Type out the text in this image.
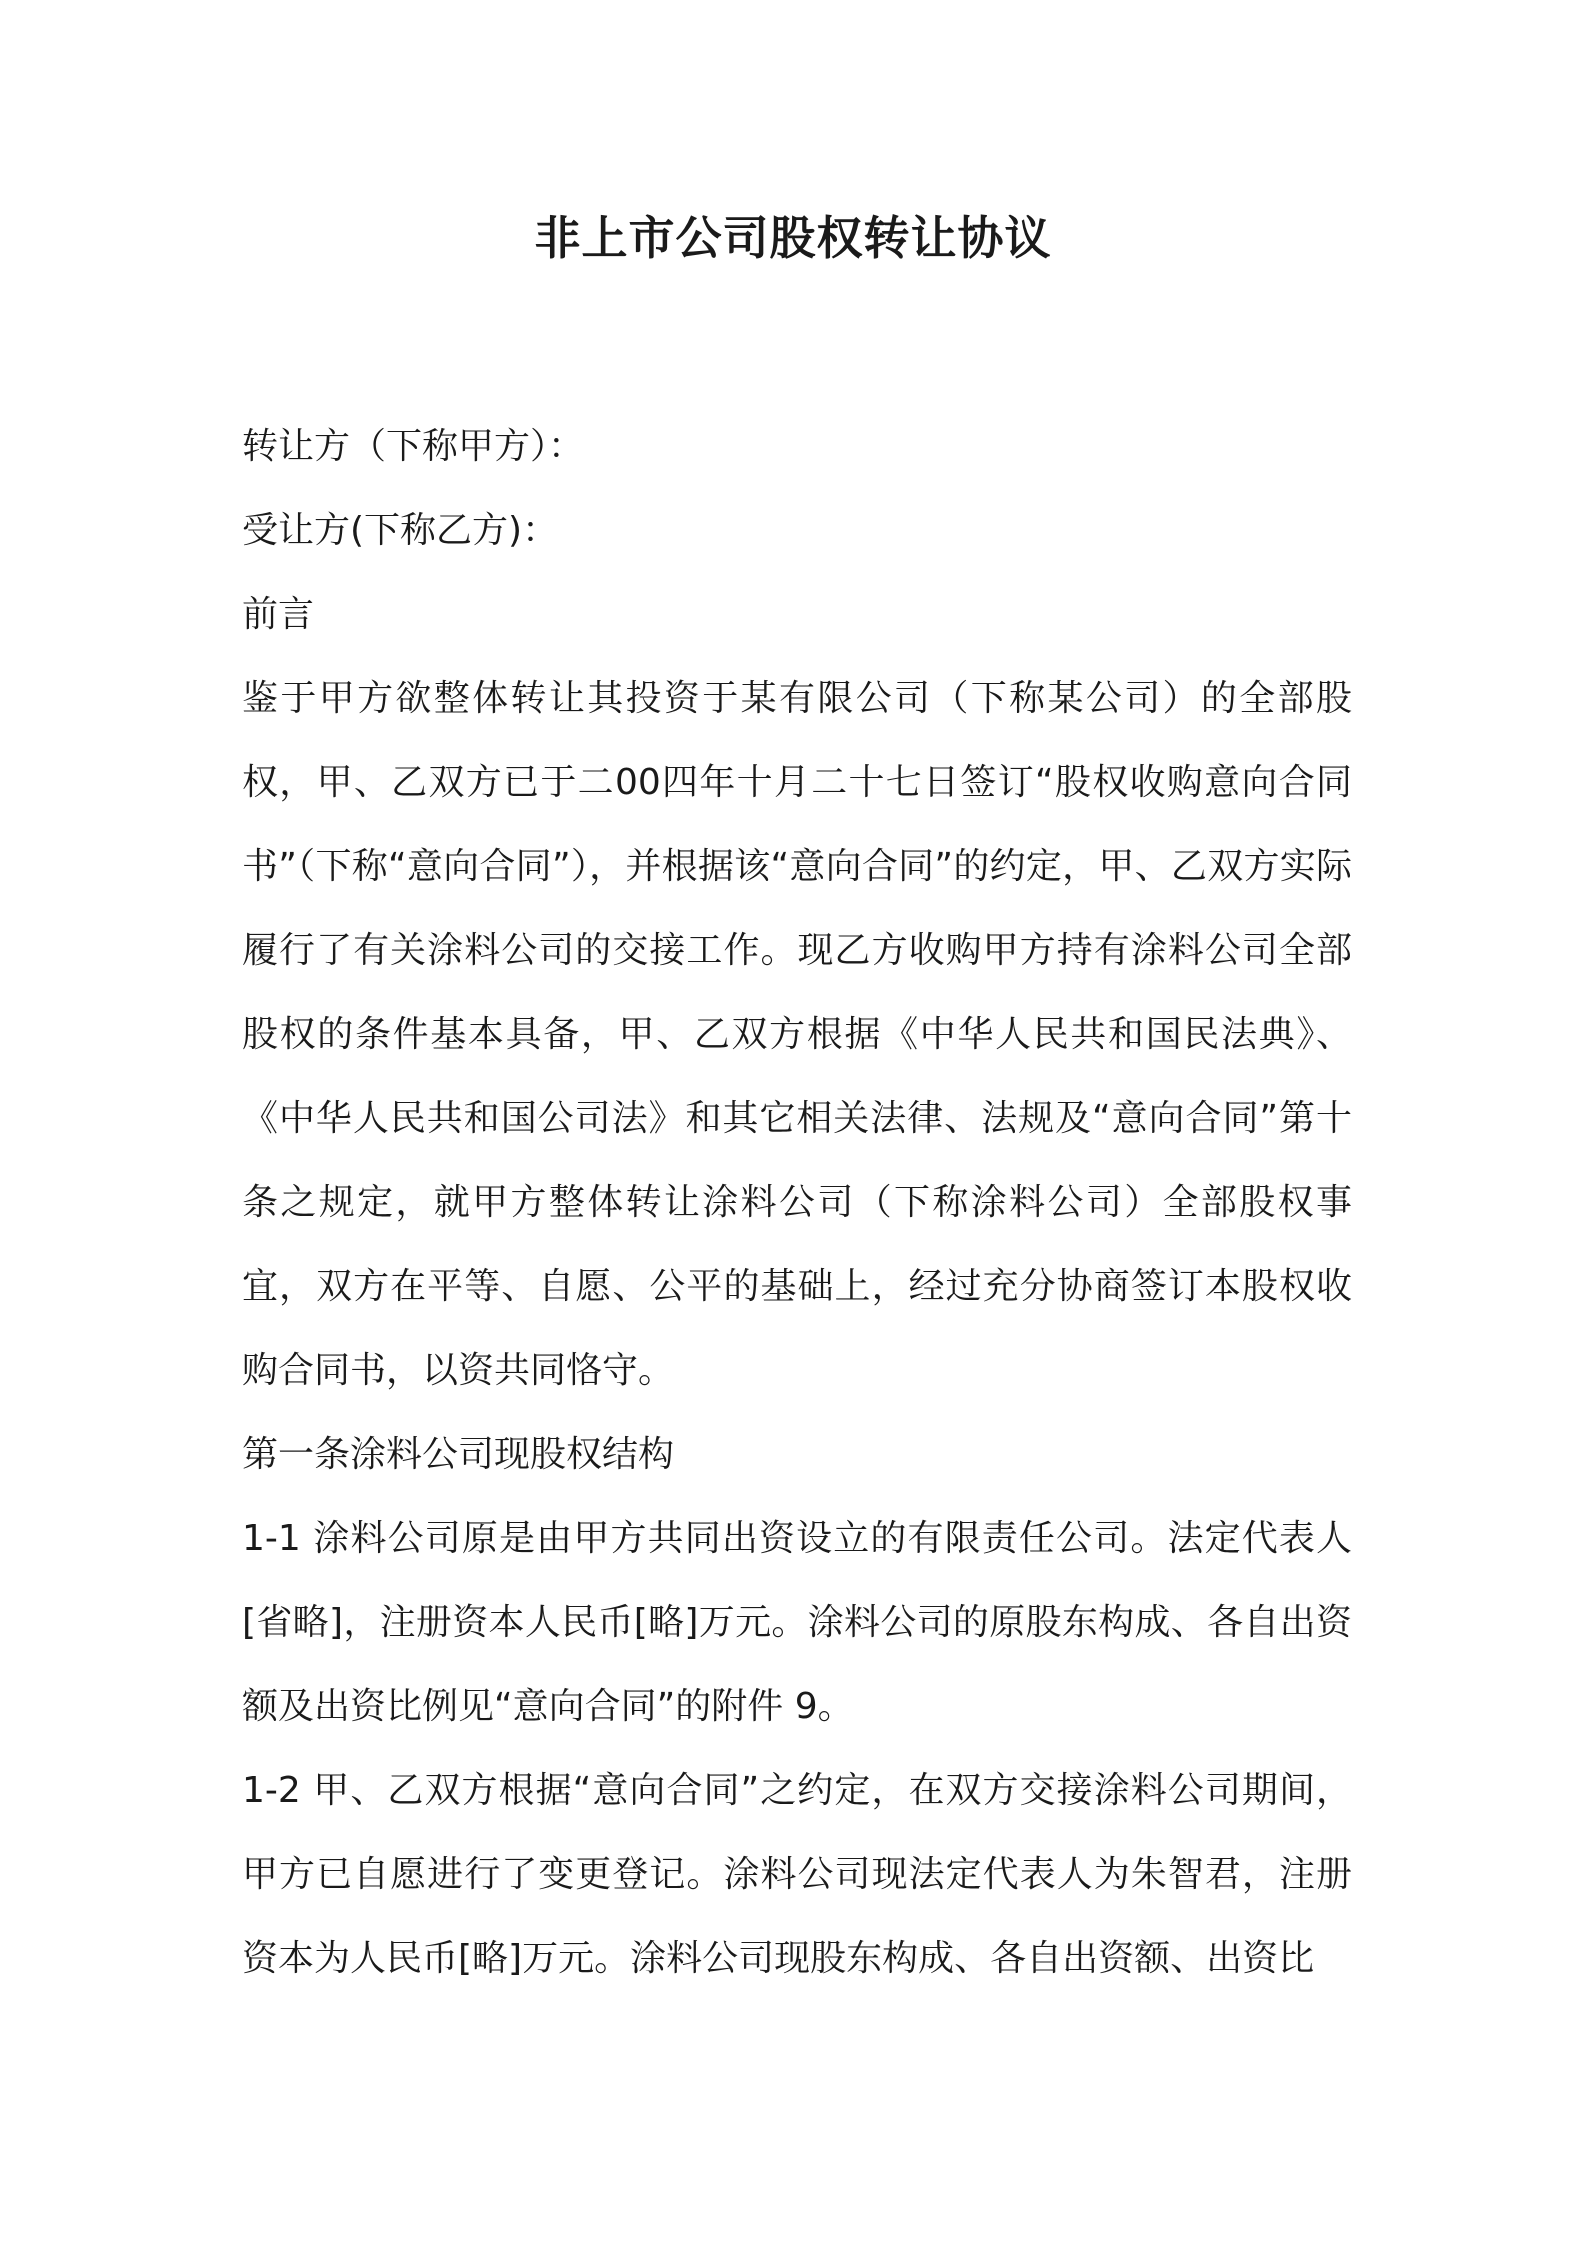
非上市公司股权转让协议

转让方（下称甲方）：

受让方(下称乙方)：

前言

鉴于甲方欲整体转让其投资于某有限公司（下称某公司）的全部股权，甲、乙双方已于二00四年十月二十七日签订“股权收购意向合同书”（下称“意向合同”），并根据该“意向合同”的约定，甲、乙双方实际履行了有关涂料公司的交接工作。现乙方收购甲方持有涂料公司全部股权的条件基本具备，甲、乙双方根据《中华人民共和国民法典》、《中华人民共和国公司法》和其它相关法律、法规及“意向合同”第十条之规定，就甲方整体转让涂料公司（下称涂料公司）全部股权事宜，双方在平等、自愿、公平的基础上，经过充分协商签订本股权收购合同书，以资共同恪守。

第一条涂料公司现股权结构

1-1 涂料公司原是由甲方共同出资设立的有限责任公司。法定代表人[省略]，注册资本人民币[略]万元。涂料公司的原股东构成、各自出资额及出资比例见“意向合同”的附件 9。

1-2 甲、乙双方根据“意向合同”之约定，在双方交接涂料公司期间，甲方已自愿进行了变更登记。涂料公司现法定代表人为朱智君，注册资本为人民币[略]万元。涂料公司现股东构成、各自出资额、出资比
